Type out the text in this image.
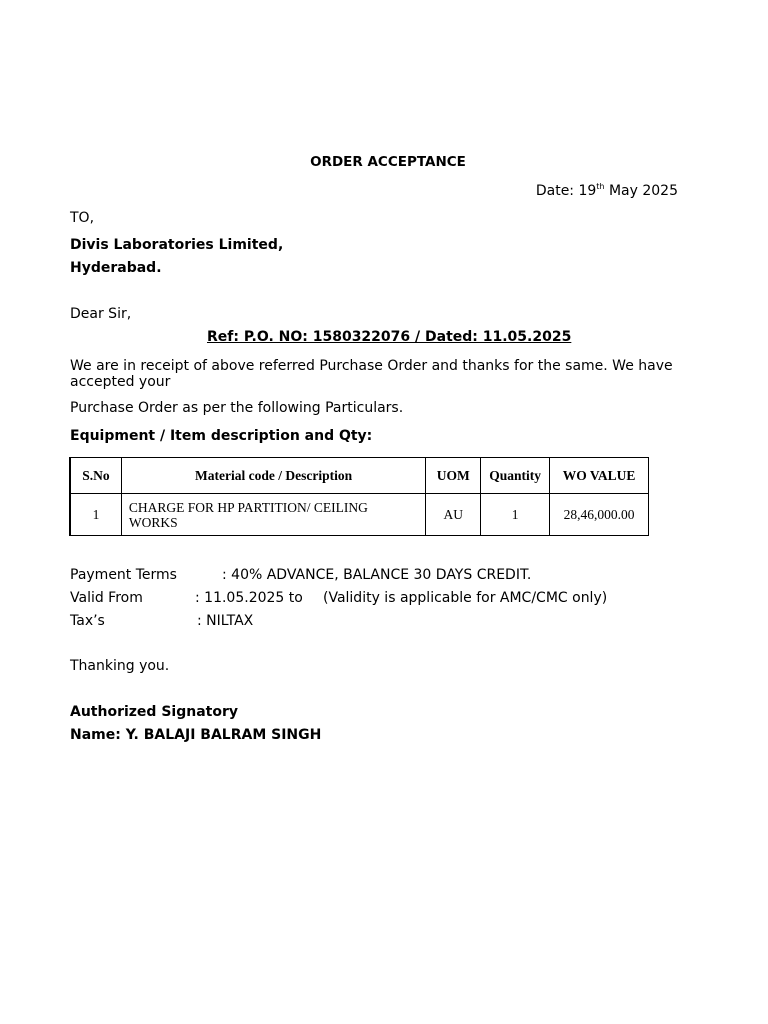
ORDER ACCEPTANCE
Date: 19th May 2025
TO,
Divis Laboratories Limited,
Hyderabad.
Dear Sir,
Ref: P.O. NO: 1580322076 / Dated: 11.05.2025
We are in receipt of above referred Purchase Order and thanks for the same. We have accepted your
Purchase Order as per the following Particulars.
Equipment / Item description and Qty:
S.No	Material code / Description	UOM	Quantity	WO VALUE
1	CHARGE FOR HP PARTITION/ CEILING WORKS	AU	1	28,46,000.00
Payment Terms	: 40% ADVANCE, BALANCE 30 DAYS CREDIT.
Valid From	: 11.05.2025 to (Validity is applicable for AMC/CMC only)
Tax’s	: NILTAX
Thanking you.
Authorized Signatory
Name: Y. BALAJI BALRAM SINGH
